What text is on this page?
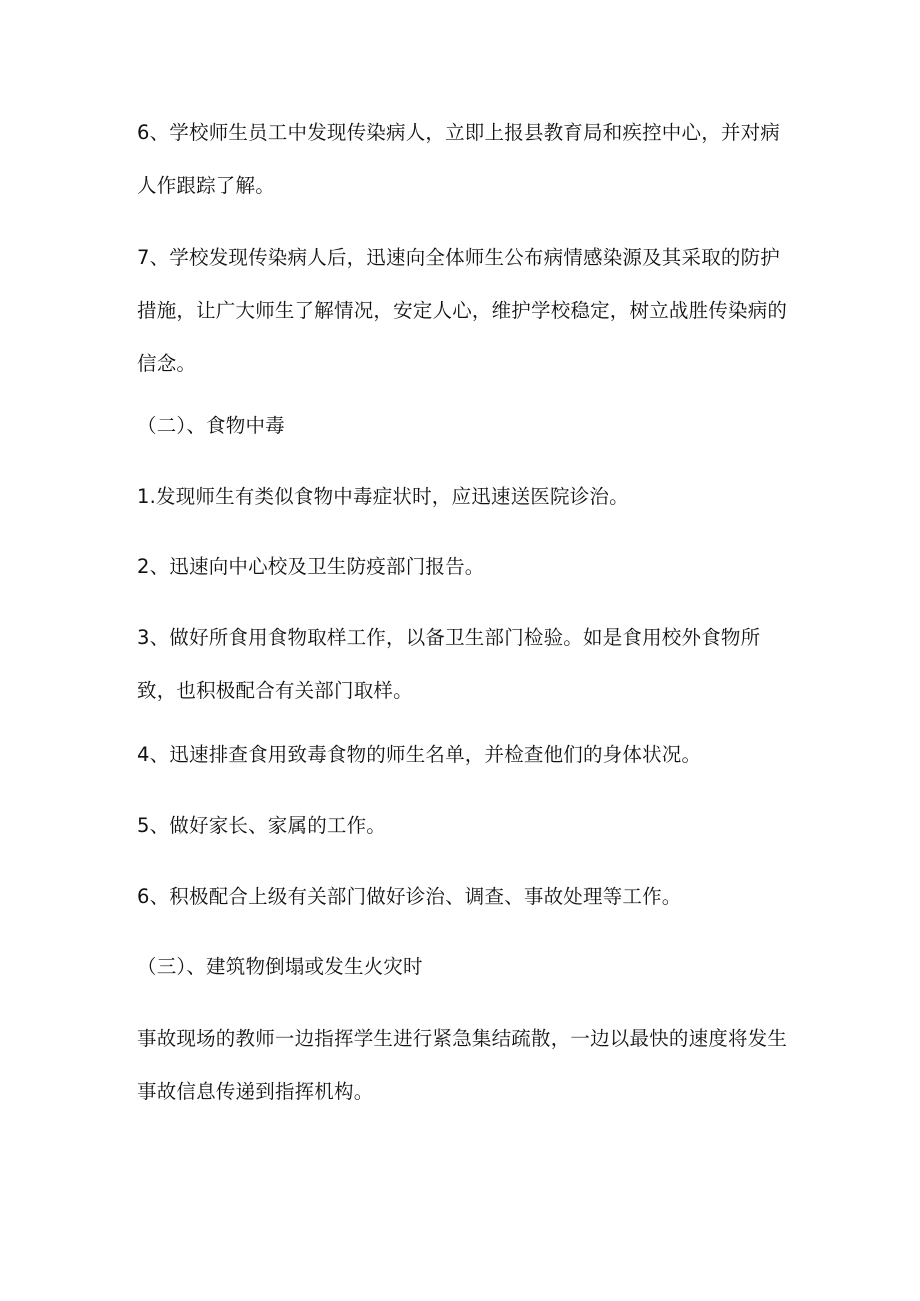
6、学校师生员工中发现传染病人，立即上报县教育局和疾控中心，并对病人作跟踪了解。

7、学校发现传染病人后，迅速向全体师生公布病情感染源及其采取的防护措施，让广大师生了解情况，安定人心，维护学校稳定，树立战胜传染病的信念。

（二）、食物中毒

1.发现师生有类似食物中毒症状时，应迅速送医院诊治。

2、迅速向中心校及卫生防疫部门报告。

3、做好所食用食物取样工作，以备卫生部门检验。如是食用校外食物所致，也积极配合有关部门取样。

4、迅速排查食用致毒食物的师生名单，并检查他们的身体状况。

5、做好家长、家属的工作。

6、积极配合上级有关部门做好诊治、调查、事故处理等工作。

（三）、建筑物倒塌或发生火灾时

事故现场的教师一边指挥学生进行紧急集结疏散，一边以最快的速度将发生事故信息传递到指挥机构。
